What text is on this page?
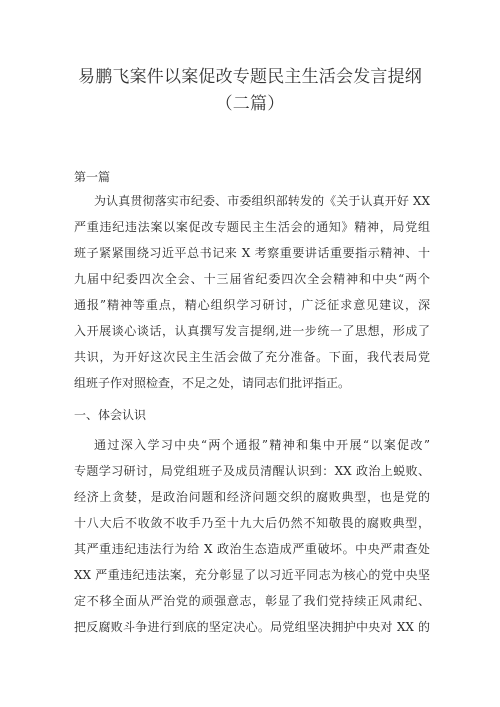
易鹏飞案件以案促改专题民主生活会发言提纲
（二篇）
第一篇
为认真贯彻落实市纪委、市委组织部转发的《关于认真开好 XX
严重违纪违法案以案促改专题民主生活会的通知》精神，局党组
班子紧紧围绕习近平总书记来 X 考察重要讲话重要指示精神、十
九届中纪委四次全会、十三届省纪委四次全会精神和中央“两个
通报”精神等重点，精心组织学习研讨，广泛征求意见建议，深
入开展谈心谈话，认真撰写发言提纲,进一步统一了思想，形成了
共识，为开好这次民主生活会做了充分准备。下面，我代表局党
组班子作对照检查，不足之处，请同志们批评指正。
一、体会认识
通过深入学习中央“两个通报”精神和集中开展“以案促改”
专题学习研讨，局党组班子及成员清醒认识到：XX 政治上蜕败、
经济上贪婪，是政治问题和经济问题交织的腐败典型，也是党的
十八大后不收敛不收手乃至十九大后仍然不知敬畏的腐败典型，
其严重违纪违法行为给 X 政治生态造成严重破坏。中央严肃查处
XX 严重违纪违法案，充分彰显了以习近平同志为核心的党中央坚
定不移全面从严治党的顽强意志，彰显了我们党持续正风肃纪、
把反腐败斗争进行到底的坚定决心。局党组坚决拥护中央对 XX 的
